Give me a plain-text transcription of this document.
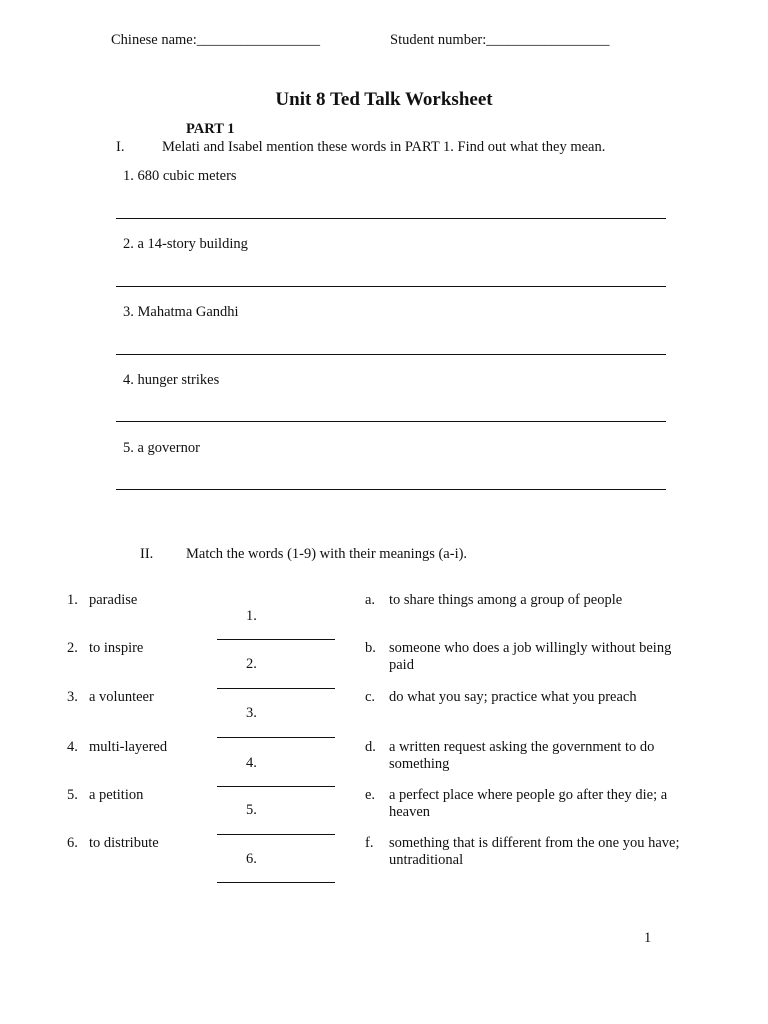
Chinese name:_________________	Student number:_________________
Unit 8 Ted Talk Worksheet
PART 1
I.	Melati and Isabel mention these words in PART 1. Find out what they mean.
1. 680 cubic meters
2. a 14-story building
3. Mahatma Gandhi
4. hunger strikes
5. a governor
II. Match the words (1-9) with their meanings (a-i).
1. paradise
1.
a. to share things among a group of people
2. to inspire
2.
b. someone who does a job willingly without being
paid
3. a volunteer
3.
c. do what you say; practice what you preach
4. multi-layered
4.
d. a written request asking the government to do
something
5. a petition
5.
e. a perfect place where people go after they die; a
heaven
6. to distribute
6.
f. something that is different from the one you have;
untraditional
1
